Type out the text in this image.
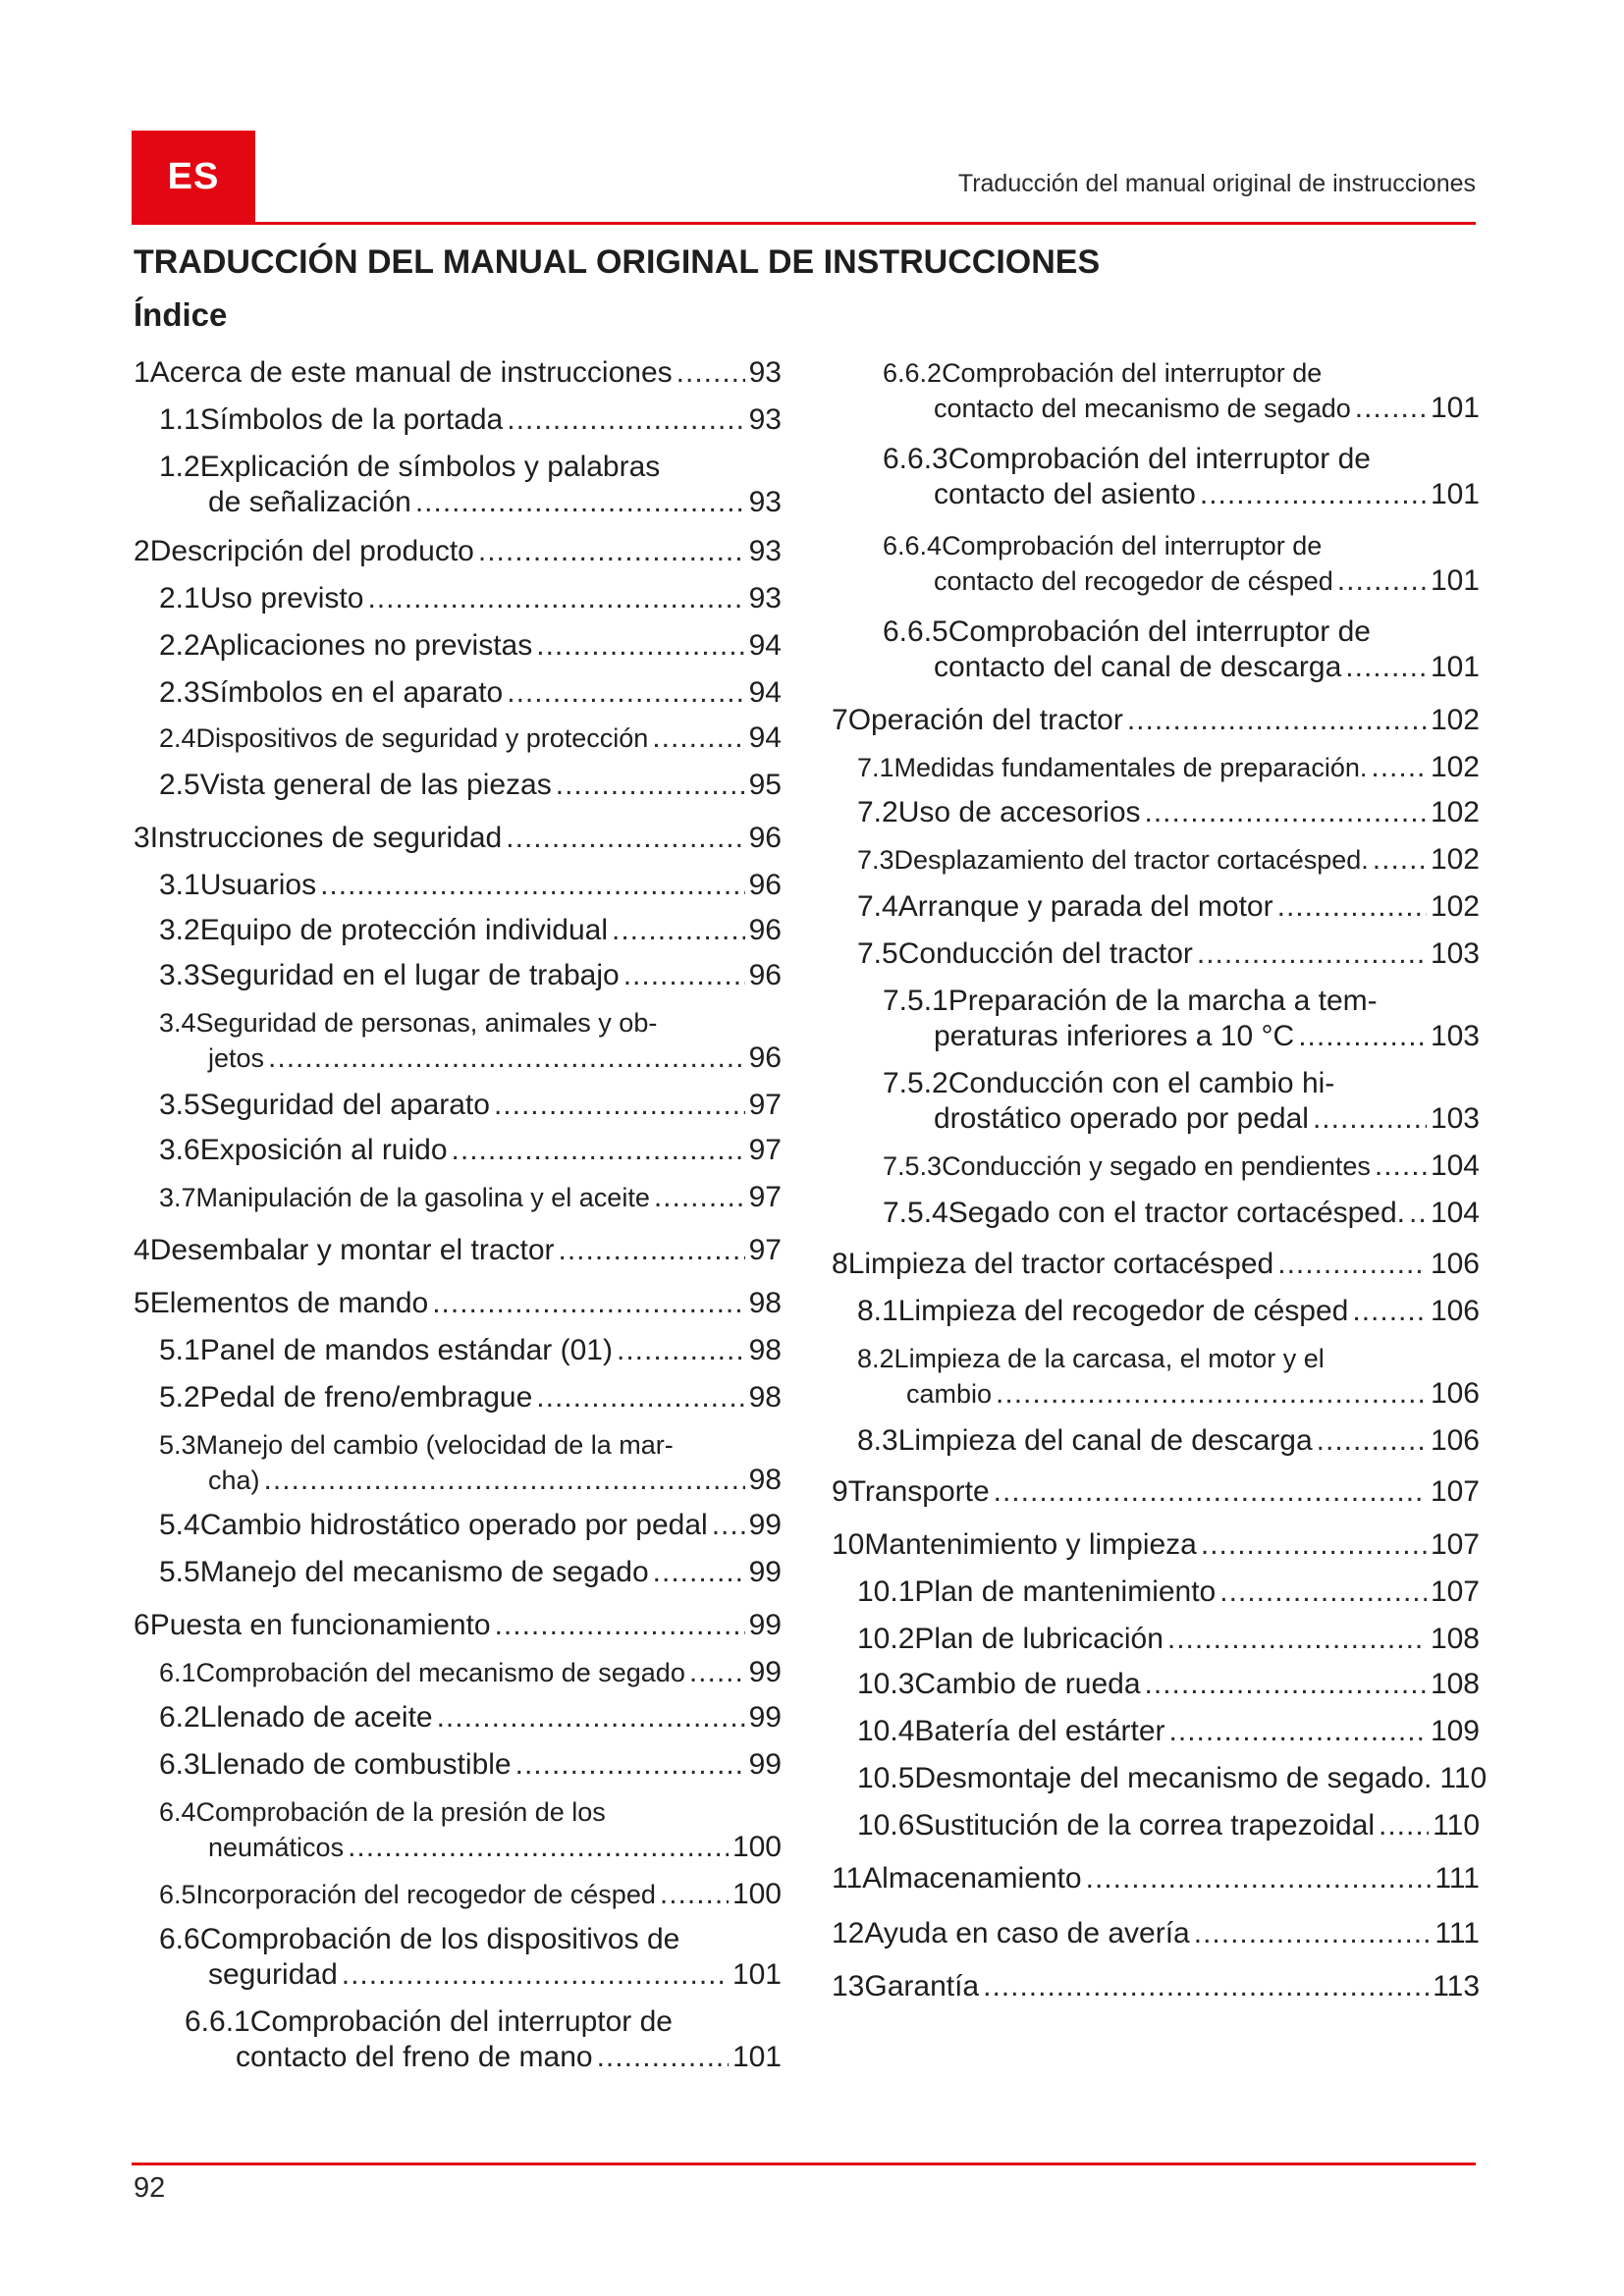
ES	Traducción del manual original de instrucciones
TRADUCCIÓN DEL MANUAL ORIGINAL DE INSTRUCCIONES
Índice
1 Acerca de este manual de instrucciones .....	93
1.1 Símbolos de la portada .....	93
1.2 Explicación de símbolos y palabras
de señalización .....	93
2 Descripción del producto .....	93
2.1 Uso previsto .....	93
2.2 Aplicaciones no previstas .....	94
2.3 Símbolos en el aparato .....	94
2.4 Dispositivos de seguridad y protección .....	94
2.5 Vista general de las piezas .....	95
3 Instrucciones de seguridad .....	96
3.1 Usuarios .....	96
3.2 Equipo de protección individual .....	96
3.3 Seguridad en el lugar de trabajo .....	96
3.4 Seguridad de personas, animales y ob-
jetos .....	96
3.5 Seguridad del aparato .....	97
3.6 Exposición al ruido .....	97
3.7 Manipulación de la gasolina y el aceite .....	97
4 Desembalar y montar el tractor .....	97
5 Elementos de mando .....	98
5.1 Panel de mandos estándar (01) .....	98
5.2 Pedal de freno/embrague .....	98
5.3 Manejo del cambio (velocidad de la mar-
cha) .....	98
5.4 Cambio hidrostático operado por pedal ..... 99
5.5 Manejo del mecanismo de segado .....	99
6 Puesta en funcionamiento .....	99
6.1 Comprobación del mecanismo de segado ..... 99
6.2 Llenado de aceite .....	99
6.3 Llenado de combustible .....	99
6.4 Comprobación de la presión de los
neumáticos .....	100
6.5 Incorporación del recogedor de césped .....	100
6.6 Comprobación de los dispositivos de
seguridad .....	101
6.6.1 Comprobación del interruptor de
contacto del freno de mano .....	101
6.6.2 Comprobación del interruptor de
contacto del mecanismo de segado .....	101
6.6.3 Comprobación del interruptor de
contacto del asiento .....	101
6.6.4 Comprobación del interruptor de
contacto del recogedor de césped .....	101
6.6.5 Comprobación del interruptor de
contacto del canal de descarga .....	101
7 Operación del tractor .....	102
7.1 Medidas fundamentales de preparación. ..... 102
7.2 Uso de accesorios .....	102
7.3 Desplazamiento del tractor cortacésped. ..... 102
7.4 Arranque y parada del motor .....	102
7.5 Conducción del tractor .....	103
7.5.1 Preparación de la marcha a tem-
peraturas inferiores a 10 °C .....	103
7.5.2 Conducción con el cambio hi-
drostático operado por pedal .....	103
7.5.3 Conducción y segado en pendientes ..... 104
7.5.4 Segado con el tractor cortacésped. ..... 104
8 Limpieza del tractor cortacésped .....	106
8.1 Limpieza del recogedor de césped .....	106
8.2 Limpieza de la carcasa, el motor y el
cambio .....	106
8.3 Limpieza del canal de descarga .....	106
9 Transporte .....	107
10 Mantenimiento y limpieza .....	107
10.1 Plan de mantenimiento .....	107
10.2 Plan de lubricación .....	108
10.3 Cambio de rueda .....	108
10.4 Batería del estárter .....	109
10.5 Desmontaje del mecanismo de segado. 110
10.6 Sustitución de la correa trapezoidal ..... 110
11 Almacenamiento .....	111
12 Ayuda en caso de avería .....	111
13 Garantía .....	113
92
